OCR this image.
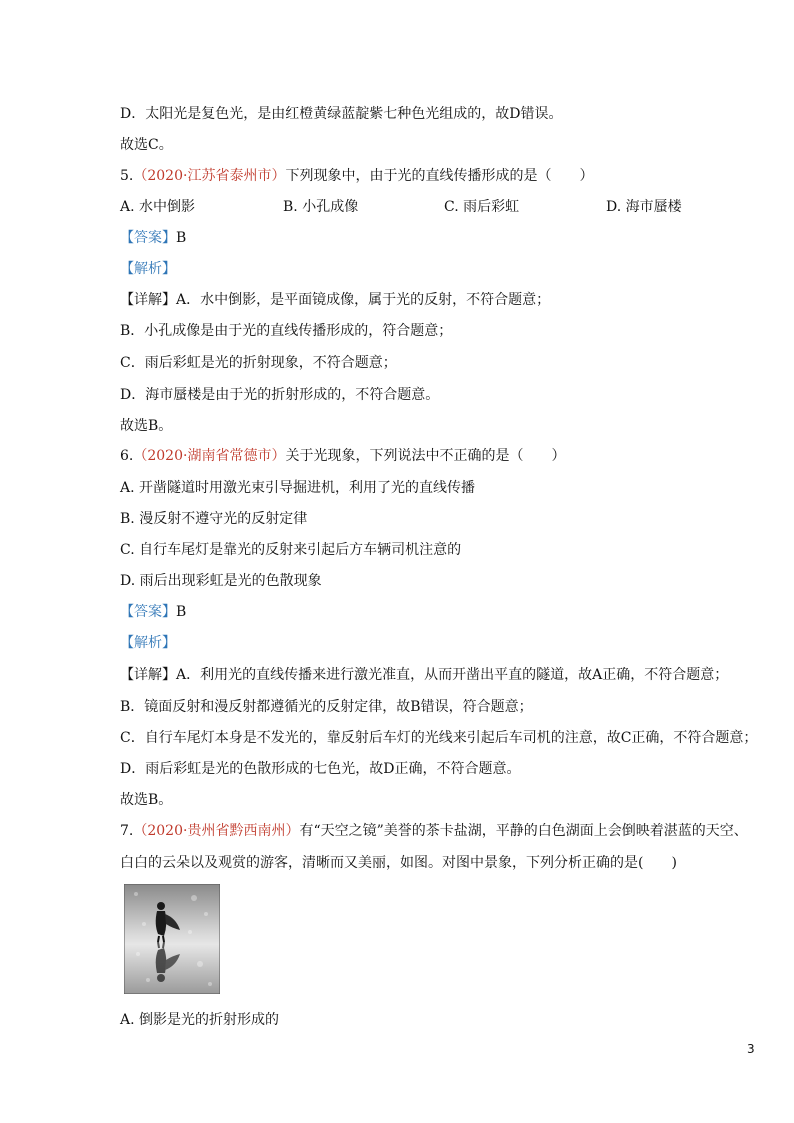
D．太阳光是复色光，是由红橙黄绿蓝靛紫七种色光组成的，故D错误。
故选C。
5.（2020·江苏省泰州市）下列现象中，由于光的直线传播形成的是（　　）
A. 水中倒影	B. 小孔成像	C. 雨后彩虹	D. 海市蜃楼
【答案】B
【解析】
【详解】A．水中倒影，是平面镜成像，属于光的反射，不符合题意；
B．小孔成像是由于光的直线传播形成的，符合题意；
C．雨后彩虹是光的折射现象，不符合题意；
D．海市蜃楼是由于光的折射形成的，不符合题意。
故选B。
6.（2020·湖南省常德市）关于光现象，下列说法中不正确的是（　　）
A. 开凿隧道时用激光束引导掘进机，利用了光的直线传播
B. 漫反射不遵守光的反射定律
C. 自行车尾灯是靠光的反射来引起后方车辆司机注意的
D. 雨后出现彩虹是光的色散现象
【答案】B
【解析】
【详解】A．利用光的直线传播来进行激光准直，从而开凿出平直的隧道，故A正确，不符合题意；
B．镜面反射和漫反射都遵循光的反射定律，故B错误，符合题意；
C．自行车尾灯本身是不发光的，靠反射后车灯的光线来引起后车司机的注意，故C正确，不符合题意；
D．雨后彩虹是光的色散形成的七色光，故D正确，不符合题意。
故选B。
7.（2020·贵州省黔西南州）有“天空之镜”美誉的茶卡盐湖，平静的白色湖面上会倒映着湛蓝的天空、
白白的云朵以及观赏的游客，清晰而又美丽，如图。对图中景象，下列分析正确的是(　　)
A. 倒影是光的折射形成的
3
